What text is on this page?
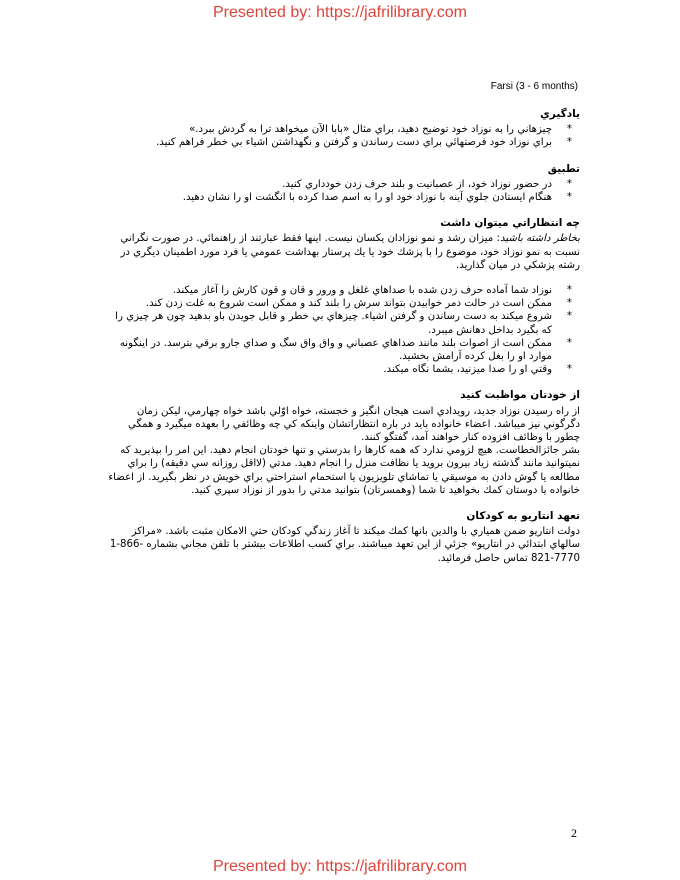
Presented by: https://jafrilibrary.com
Farsi (3 - 6 months)
يادگيري
* چيزهاني را به نوزاد خود توضيح دهيد، براي مثال «بابا الآن ميخواهد ترا به گردش ببرد.»
* براي نوزاد خود فرصتهائي براي دست رساندن و گرفتن و نگهداشتن اشياء بي خطر فراهم كنيد.
تطبيق
* در حضور نوزاد خود، از عصبانيت و بلند حرف زدن خودداري كنيد.
* هنگام ايستادن جلوي آينه با نوزاد خود او را به اسم صدا كرده با انگشت او را نشان دهيد.
چه انتظاراتي ميتوان داشت

بخاطر داشته باشيد: ميزان رشد و نمو نوزادان يكسان نيست. اينها فقط عبارتند از راهنمائي. در صورت نگراني نسبت به نمو نوزاد خود، موضوع را با پزشك خود يا يك پرستار بهداشت عمومي يا فرد مورد اطمينان ديگري در رشته پزشكي در ميان گذاريد.

* نوزاد شما آماده حرف زدن شده با صداهاي غلغل و ورور و قان و قون كارش را آغاز ميكند.
* ممكن است در حالت دمر خوابيدن بتواند سرش را بلند كند و ممكن است شروع به غلت زدن كند.
* شروع ميكند به دست رساندن و گرفتن اشياء. چيزهاي بي خطر و قابل جويدن باو بدهيد چون هر چيزي را كه بگيرد بداخل دهانش ميبرد.
* ممكن است از اصوات بلند مانند صداهاي عصباني و واق واق سگ و صداي جارو برقي بترسد. در اينگونه موارد او را بغل كرده آرامش بخشيد.
* وقتي او را صدا ميزنيد، بشما نگاه ميكند.
از خودتان مواظبت كنيد

از راه رسيدن نوزاد جديد، رويدادي است هيجان انگيز و خجسته، خواه اوّلي باشد خواه چهارمي، ليكن زمان دگرگوني نيز ميباشد. اعضاء خانواده بايد در باره انتظاراتشان واينكه كي چه وظائفي را بعهده ميگيرد و همگي چطور با وظائف افزوده كنار خواهند آمد، گفتگو كنند.

بشر جائزالخطاست. هيچ لزومي ندارد كه همه كارها را بدرستي و تنها خودتان انجام دهيد. اين امر را بپذيريد كه نميتوانيد مانند گذشته زياد بيرون برويد يا نظافت منزل را انجام دهيد. مدتي (لااقل روزانه سي دقيقه) را براي مطالعه يا گوش دادن به موسيقي يا تماشاي تلويزيون يا استحمام استراحتي براي خويش در نظر بگيريد. از اعضاء خانواده يا دوستان كمك بخواهيد تا شما (وهمسرتان) بتوانيد مدتي را بدور از نوزاد سپري كنيد.

تعهد انتاريو به كودكان

دولت انتاريو ضمن همياري با والدين بانها كمك ميكند تا آغاز زندگي كودكان حتي الامكان مثبت باشد. «مراكز سالهاي ابتدائي در انتاريو» جزئي از اين تعهد ميباشند. براي كسب اطلاعات بيشتر با تلفن مجاني بشماره 1-866-821-7770 تماس حاصل فرمائيد.

2
Presented by: https://jafrilibrary.com
